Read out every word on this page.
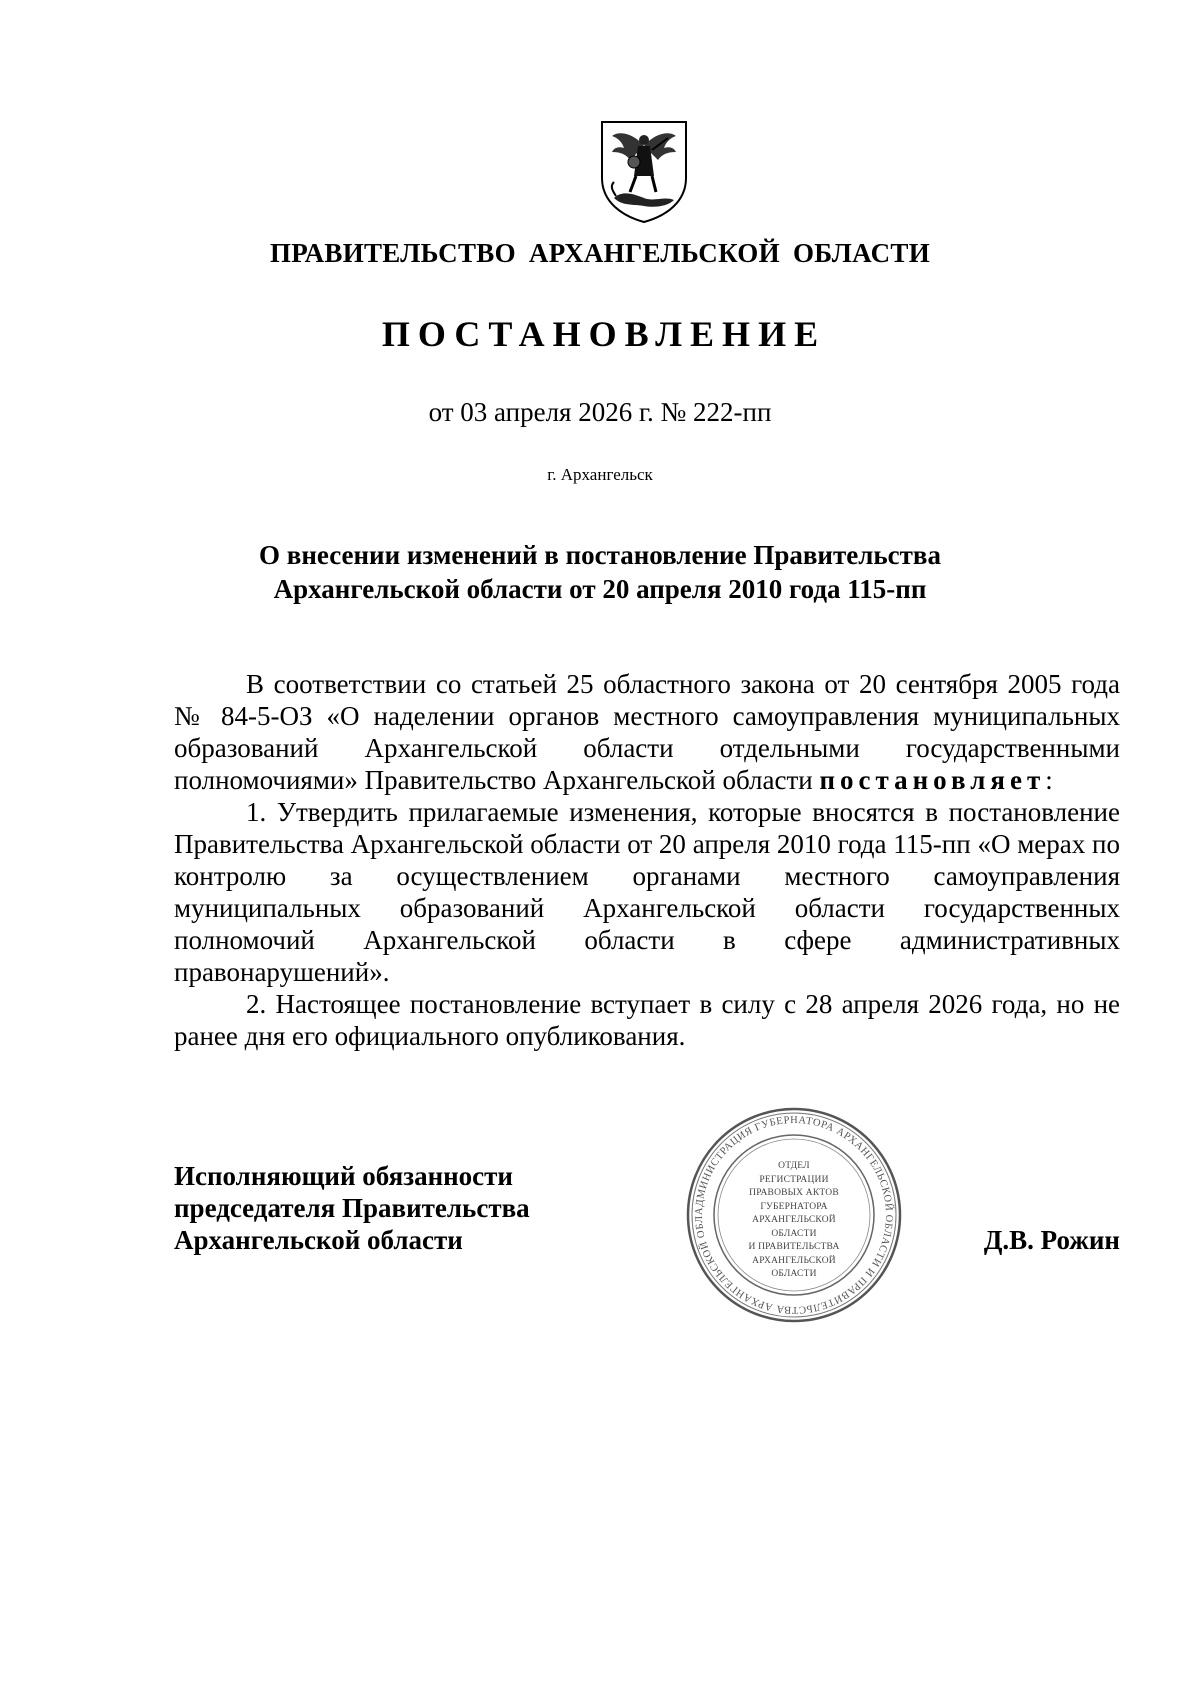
ПРАВИТЕЛЬСТВО АРХАНГЕЛЬСКОЙ ОБЛАСТИ
ПОСТАНОВЛЕНИЕ
от 03 апреля 2026 г. № 222-пп
г. Архангельск
О внесении изменений в постановление Правительства
Архангельской области от 20 апреля 2010 года 115-пп

В соответствии со статьей 25 областного закона от 20 сентября 2005 года № 84-5-ОЗ «О наделении органов местного самоуправления муниципальных образований Архангельской области отдельными государственными полномочиями» Правительство Архангельской области постановляет:

1. Утвердить прилагаемые изменения, которые вносятся в постановление Правительства Архангельской области от 20 апреля 2010 года 115-пп «О мерах по контролю за осуществлением органами местного самоуправления муниципальных образований Архангельской области государственных полномочий Архангельской области в сфере административных правонарушений».

2. Настоящее постановление вступает в силу с 28 апреля 2026 года, но не ранее дня его официального опубликования.

Исполняющий обязанности
председателя Правительства
Архангельской области	Д.В. Рожин
АДМИНИСТРАЦИЯ ГУБЕРНАТОРА АРХАНГЕЛЬСКОЙ ОБЛАСТИ И ПРАВИТЕЛЬСТВА АРХАНГЕЛЬСКОЙ ОБЛ
ОТДЕЛ
РЕГИСТРАЦИИ
ПРАВОВЫХ АКТОВ
ГУБЕРНАТОРА
АРХАНГЕЛЬСКОЙ
ОБЛАСТИ
И ПРАВИТЕЛЬСТВА
АРХАНГЕЛЬСКОЙ
ОБЛАСТИ
